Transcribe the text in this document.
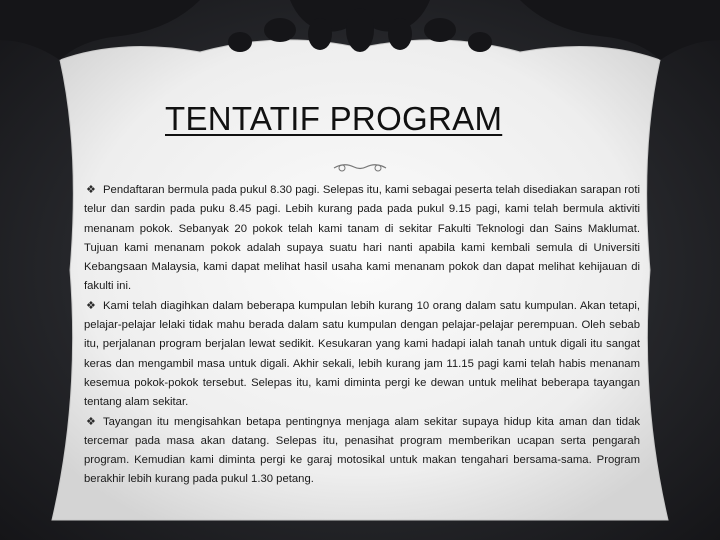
TENTATIF PROGRAM

❖ Pendaftaran bermula pada pukul 8.30 pagi. Selepas itu, kami sebagai peserta telah disediakan sarapan roti telur dan sardin pada puku 8.45 pagi. Lebih kurang pada pada pukul 9.15 pagi, kami telah bermula aktiviti menanam pokok. Sebanyak 20 pokok telah kami tanam di sekitar Fakulti Teknologi dan Sains Maklumat. Tujuan kami menanam pokok adalah supaya suatu hari nanti apabila kami kembali semula di Universiti Kebangsaan Malaysia, kami dapat melihat hasil usaha kami menanam pokok dan dapat melihat kehijauan di fakulti ini.

❖ Kami telah diagihkan dalam beberapa kumpulan lebih kurang 10 orang dalam satu kumpulan. Akan tetapi, pelajar-pelajar lelaki tidak mahu berada dalam satu kumpulan dengan pelajar-pelajar perempuan. Oleh sebab itu, perjalanan program berjalan lewat sedikit. Kesukaran yang kami hadapi ialah tanah untuk digali itu sangat keras dan mengambil masa untuk digali. Akhir sekali, lebih kurang jam 11.15 pagi kami telah habis menanam kesemua pokok-pokok tersebut. Selepas itu, kami diminta pergi ke dewan untuk melihat beberapa tayangan tentang alam sekitar.

❖ Tayangan itu mengisahkan betapa pentingnya menjaga alam sekitar supaya hidup kita aman dan tidak tercemar pada masa akan datang. Selepas itu, penasihat program memberikan ucapan serta pengarah program. Kemudian kami diminta pergi ke garaj motosikal untuk makan tengahari bersama-sama. Program berakhir lebih kurang pada pukul 1.30 petang.
